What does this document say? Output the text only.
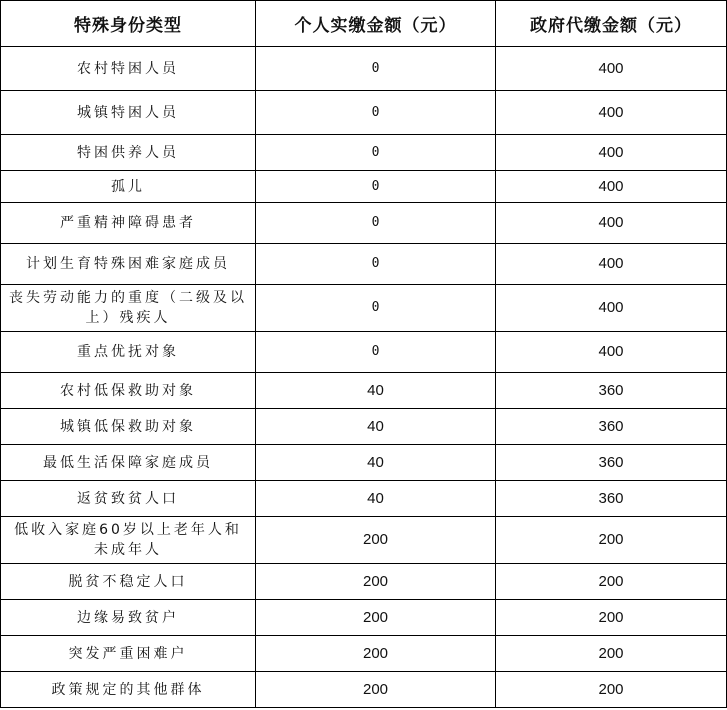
特殊身份类型	个人实缴金额（元）	政府代缴金额（元）
农村特困人员	0	400
城镇特困人员	0	400
特困供养人员	0	400
孤儿	0	400
严重精神障碍患者	0	400
计划生育特殊困难家庭成员	0	400
丧失劳动能力的重度（二级及以上）残疾人	0	400
重点优抚对象	0	400
农村低保救助对象	40	360
城镇低保救助对象	40	360
最低生活保障家庭成员	40	360
返贫致贫人口	40	360
低收入家庭60岁以上老年人和未成年人	200	200
脱贫不稳定人口	200	200
边缘易致贫户	200	200
突发严重困难户	200	200
政策规定的其他群体	200	200
